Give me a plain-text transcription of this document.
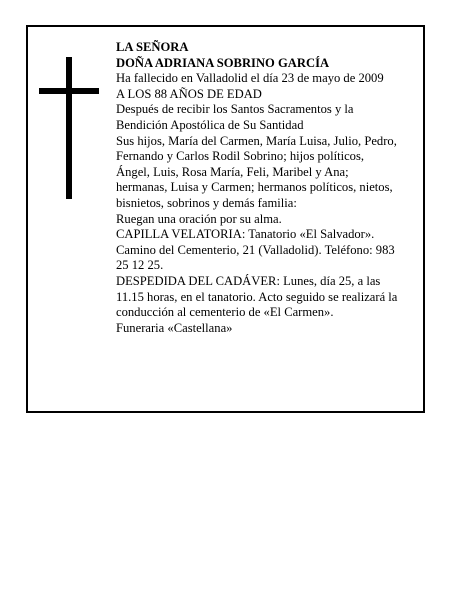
LA SEÑORA
DOÑA ADRIANA SOBRINO GARCÍA
Ha fallecido en Valladolid el día 23 de mayo de 2009
A LOS 88 AÑOS DE EDAD
Después de recibir los Santos Sacramentos y la
Bendición Apostólica de Su Santidad
Sus hijos, María del Carmen, María Luisa, Julio, Pedro,
Fernando y Carlos Rodil Sobrino; hijos políticos,
Ángel, Luis, Rosa María, Feli, Maribel y Ana;
hermanas, Luisa y Carmen; hermanos políticos, nietos,
bisnietos, sobrinos y demás familia:
Ruegan una oración por su alma.
CAPILLA VELATORIA: Tanatorio «El Salvador».
Camino del Cementerio, 21 (Valladolid). Teléfono: 983
25 12 25.
DESPEDIDA DEL CADÁVER: Lunes, día 25, a las
11.15 horas, en el tanatorio. Acto seguido se realizará la
conducción al cementerio de «El Carmen».
Funeraria «Castellana»
